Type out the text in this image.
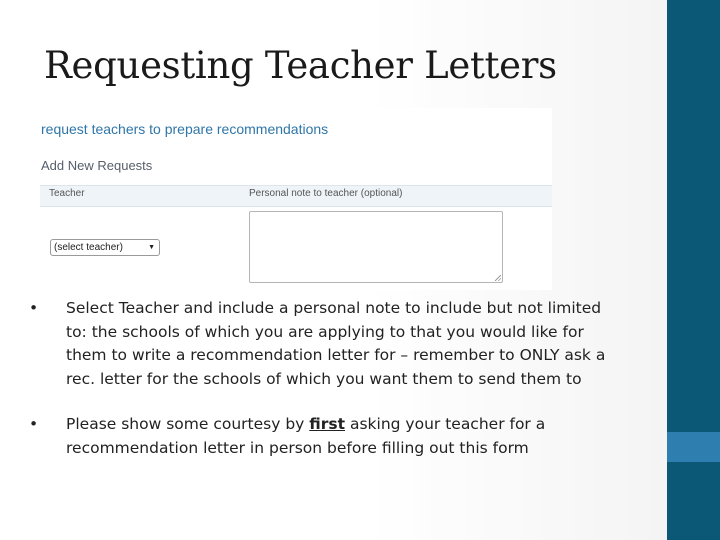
Requesting Teacher Letters
request teachers to prepare recommendations
Add New Requests
Teacher	Personal note to teacher (optional)
(select teacher)	▼
• Select Teacher and include a personal note to include but not limited to: the schools of which you are applying to that you would like for them to write a recommendation letter for – remember to ONLY ask a rec. letter for the schools of which you want them to send them to
• Please show some courtesy by first asking your teacher for a recommendation letter in person before filling out this form
